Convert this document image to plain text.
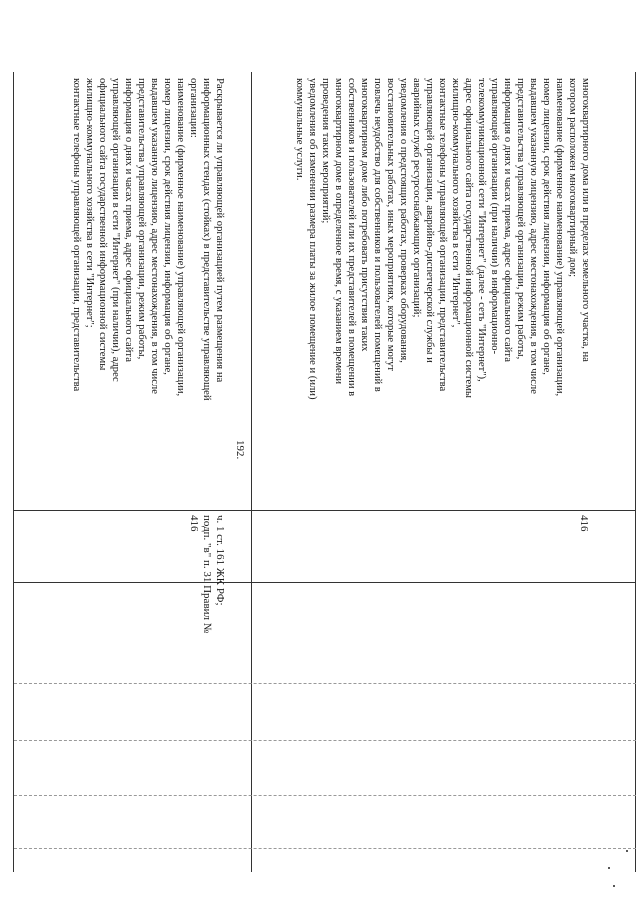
многоквартирного дома или в пределах земельного участка, на
котором расположен многоквартирный дом;
наименование (фирменное наименование) управляющей организации,
номер лицензии, срок действия лицензии, информация об органе,
выдавшем указанную лицензию, адрес местонахождения, в том числе
представительства управляющей организации, режим работы,
информация о днях и часах приема, адрес официального сайта
управляющей организации (при наличии) в информационно-
телекоммуникационной сети "Интернет" (далее - сеть "Интернет"),
адрес официального сайта государственной информационной системы
жилищно-коммунального хозяйства в сети "Интернет",
контактные телефоны управляющей организации, представительства
управляющей организации, аварийно-диспетчерской службы и
аварийных служб ресурсоснабжающих организаций;
уведомления о предстоящих работах, проверках оборудования,
восстановительных работах, иных мероприятиях, которые могут
повлечь неудобство для собственников и пользователей помещений в
многоквартирном доме либо потребовать присутствия таких
собственников и пользователей или их представителей в помещении в
многоквартирном доме в определенное время, с указанием времени
проведения таких мероприятий;
уведомления об изменении размера платы за жилое помещение и (или)
коммунальные услуги.

416
192.

Раскрывается ли управляющей организацией путем размещения на
информационных стендах (стойках) в представительстве управляющей
организации:
наименование (фирменное наименование) управляющей организации,
номер лицензии, срок действия лицензии, информация об органе,
выдавшем указанную лицензию, адрес местонахождения, в том числе
представительства управляющей организации, режим работы,
информация о днях и часах приема, адрес официального сайта
управляющей организации в сети "Интернет" (при наличии), адрес
официального сайта государственной информационной системы
жилищно-коммунального хозяйства в сети "Интернет";
контактные телефоны управляющей организации, представительства

ч. 1 ст. 161 ЖК РФ;
подп. "в" п. 31 Правил №
416
